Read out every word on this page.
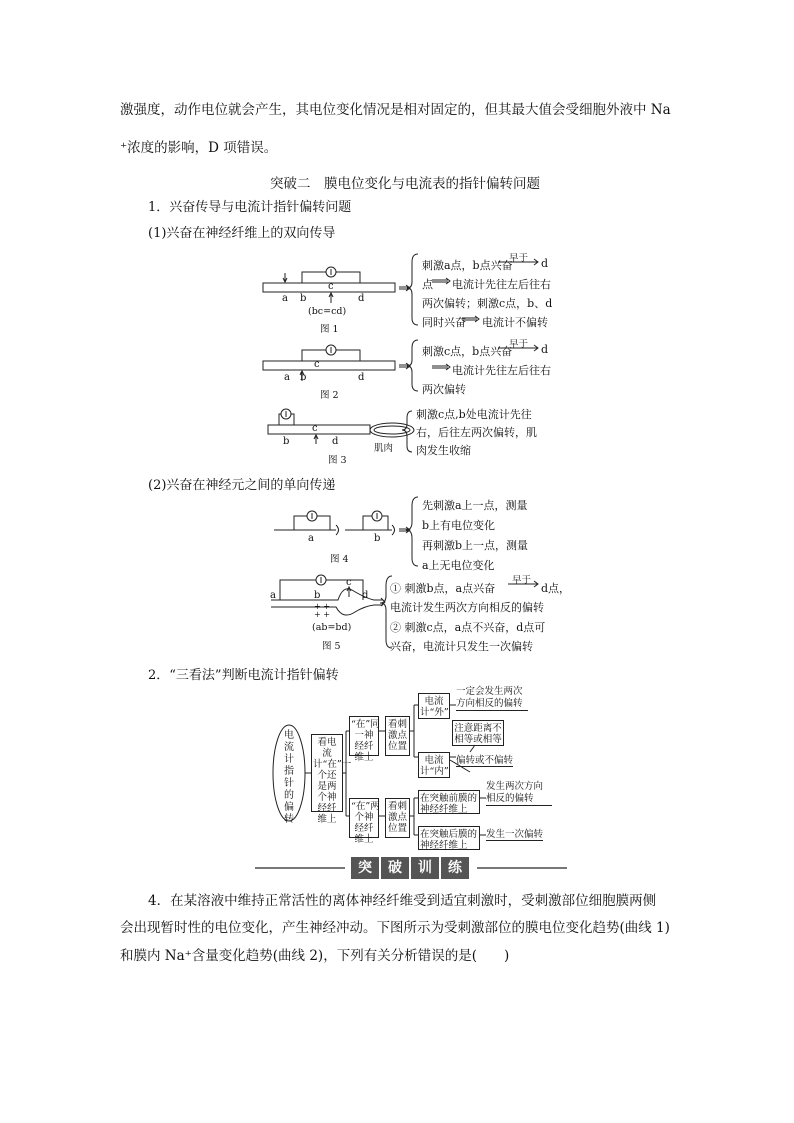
激强度，动作电位就会产生，其电位变化情况是相对固定的，但其最大值会受细胞外液中 Na
⁺浓度的影响，D 项错误。
突破二　膜电位变化与电流表的指针偏转问题
1．兴奋传导与电流计指针偏转问题
(1)兴奋在神经纤维上的双向传导
a b
c
d
(bc=cd)
图 1
刺激a点，b点兴奋
早于 d
点 电流计先往左后往右
两次偏转；刺激c点，b、d
同时兴奋 电流计不偏转
a b
c
d
图 2
刺激c点，b点兴奋
早于 d
电流计先往左后往右
两次偏转
b
c
d
肌肉
图 3
刺激c点,b处电流计先往
右，后往左两次偏转，肌
肉发生收缩
(2)兴奋在神经元之间的单向传递
a	b
图 4
先刺激a上一点，测量
b上有电位变化
再刺激b上一点，测量
a上无电位变化
a	b
c
d
+ +
+ +
(ab=bd)
图 5
① 刺激b点，a点兴奋
早于
d点，
电流计发生两次方向相反的偏转
② 刺激c点，a点不兴奋，d点可
兴奋，电流计只发生一次偏转
2．“三看法”判断电流计指针偏转
电流计指针的偏转
看电流计“在”一个还是两个神经纤维上
“在”同一神经纤维上
“在”两个神经纤维上
看刺激点位置
看刺激点位置
电流计“外”
电流计“内”
一定会发生两次方向相反的偏转
注意距离不相等或相等
偏转或不偏转
在突触前膜的神经纤维上
在突触后膜的神经纤维上
发生两次方向相反的偏转
发生一次偏转
突	破	训	练
4．在某溶液中维持正常活性的离体神经纤维受到适宜刺激时，受刺激部位细胞膜两侧
会出现暂时性的电位变化，产生神经冲动。下图所示为受刺激部位的膜电位变化趋势(曲线 1)
和膜内 Na⁺含量变化趋势(曲线 2)，下列有关分析错误的是(　　)
